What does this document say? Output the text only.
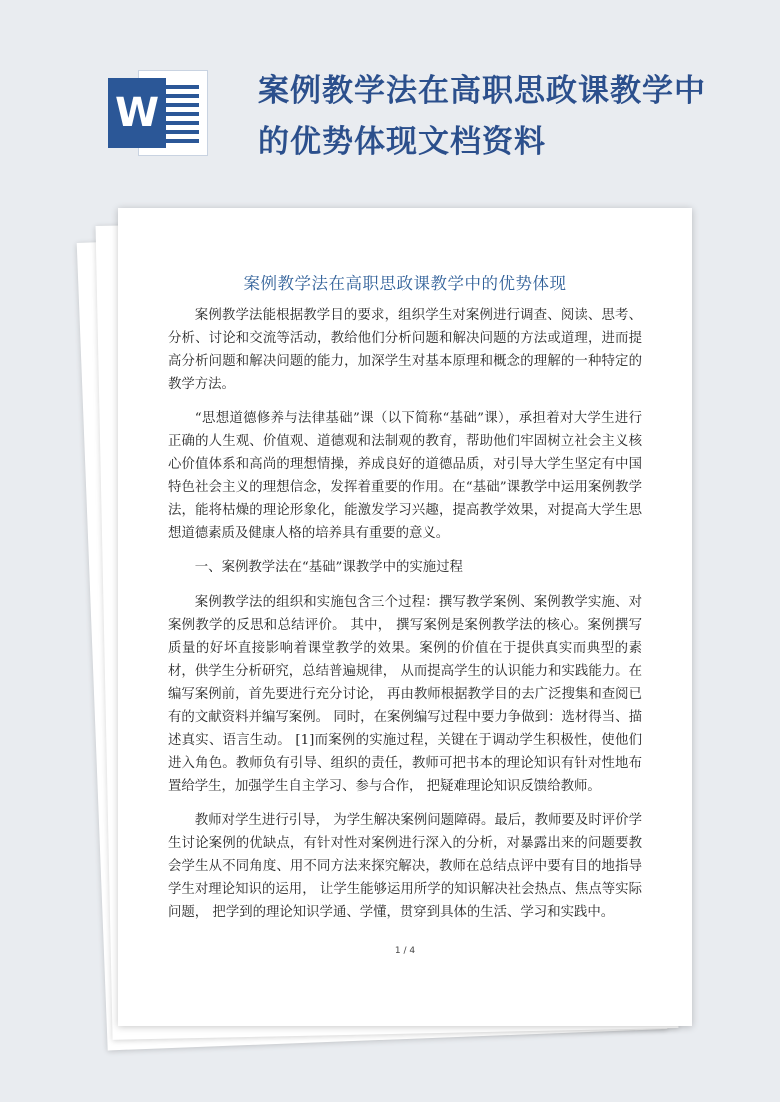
W	案例教学法在高职思政课教学中的优势体现文档资料
案例教学法在高职思政课教学中的优势体现

案例教学法能根据教学目的要求，组织学生对案例进行调查、阅读、思考、分析、讨论和交流等活动，教给他们分析问题和解决问题的方法或道理，进而提高分析问题和解决问题的能力，加深学生对基本原理和概念的理解的一种特定的教学方法。

“思想道德修养与法律基础”课（以下简称“基础”课），承担着对大学生进行正确的人生观、价值观、道德观和法制观的教育，帮助他们牢固树立社会主义核心价值体系和高尚的理想情操，养成良好的道德品质，对引导大学生坚定有中国特色社会主义的理想信念，发挥着重要的作用。在“基础”课教学中运用案例教学法，能将枯燥的理论形象化，能激发学习兴趣，提高教学效果，对提高大学生思想道德素质及健康人格的培养具有重要的意义。

一、案例教学法在“基础”课教学中的实施过程

案例教学法的组织和实施包含三个过程：撰写教学案例、案例教学实施、对案例教学的反思和总结评价。 其中， 撰写案例是案例教学法的核心。案例撰写质量的好坏直接影响着课堂教学的效果。案例的价值在于提供真实而典型的素材，供学生分析研究，总结普遍规律， 从而提高学生的认识能力和实践能力。在编写案例前，首先要进行充分讨论， 再由教师根据教学目的去广泛搜集和查阅已有的文献资料并编写案例。 同时，在案例编写过程中要力争做到：选材得当、描述真实、语言生动。 [1]而案例的实施过程，关键在于调动学生积极性，使他们进入角色。教师负有引导、组织的责任，教师可把书本的理论知识有针对性地布置给学生，加强学生自主学习、参与合作， 把疑难理论知识反馈给教师。

教师对学生进行引导， 为学生解决案例问题障碍。最后，教师要及时评价学生讨论案例的优缺点，有针对性对案例进行深入的分析，对暴露出来的问题要教会学生从不同角度、用不同方法来探究解决，教师在总结点评中要有目的地指导学生对理论知识的运用， 让学生能够运用所学的知识解决社会热点、焦点等实际问题， 把学到的理论知识学通、学懂，贯穿到具体的生活、学习和实践中。

1 / 4
